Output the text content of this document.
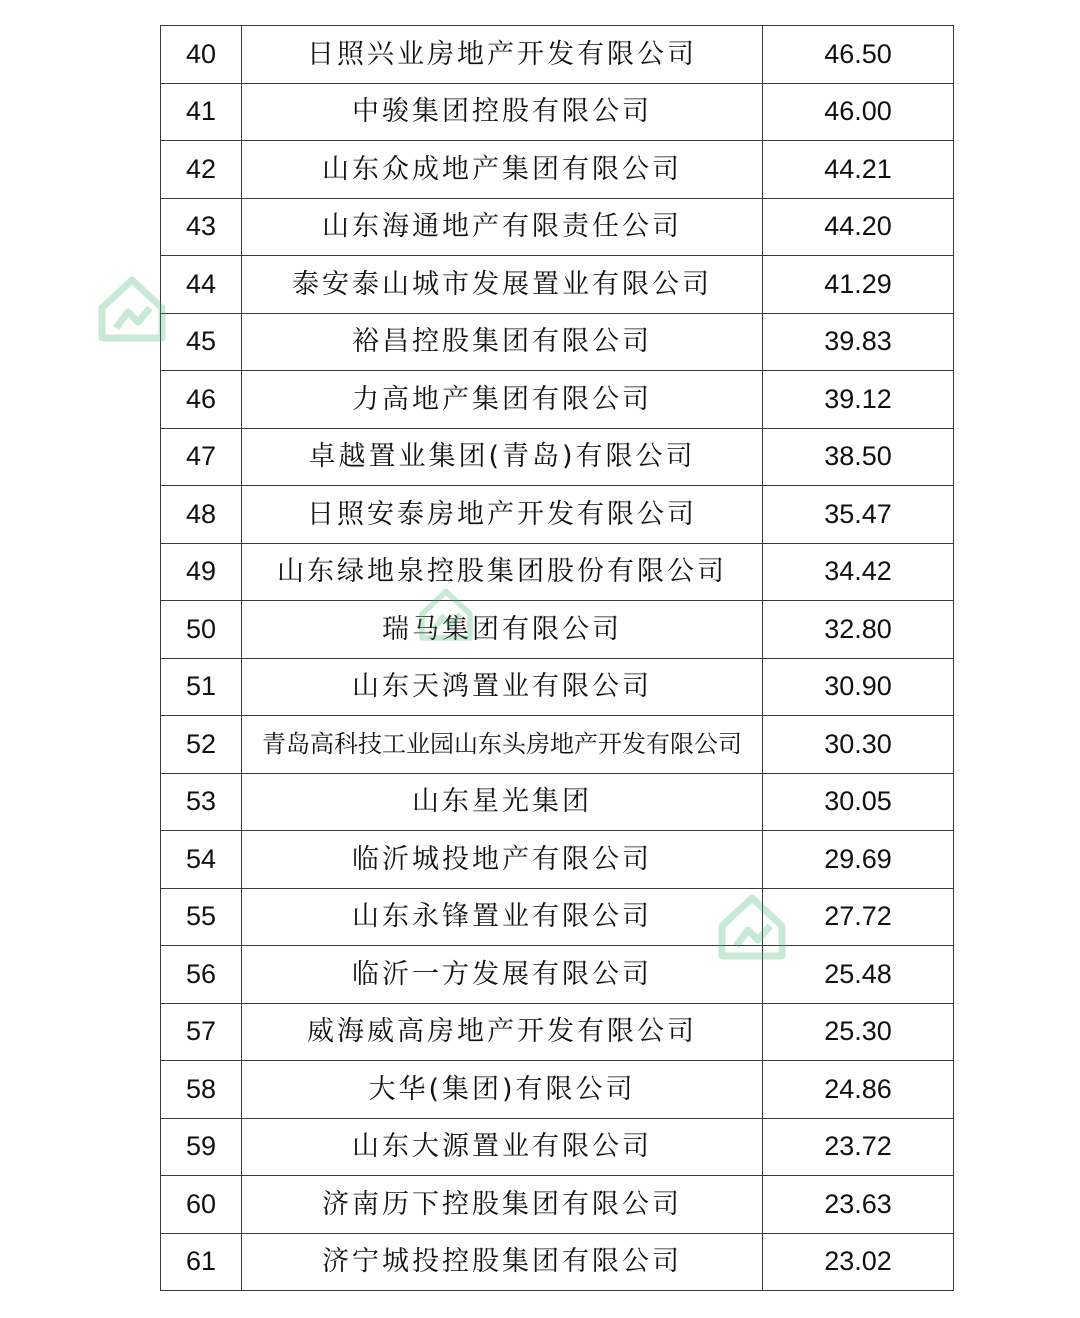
40	日照兴业房地产开发有限公司	46.50
41	中骏集团控股有限公司	46.00
42	山东众成地产集团有限公司	44.21
43	山东海通地产有限责任公司	44.20
44	泰安泰山城市发展置业有限公司	41.29
45	裕昌控股集团有限公司	39.83
46	力高地产集团有限公司	39.12
47	卓越置业集团(青岛)有限公司	38.50
48	日照安泰房地产开发有限公司	35.47
49	山东绿地泉控股集团股份有限公司	34.42
50	瑞马集团有限公司	32.80
51	山东天鸿置业有限公司	30.90
52	青岛高科技工业园山东头房地产开发有限公司	30.30
53	山东星光集团	30.05
54	临沂城投地产有限公司	29.69
55	山东永锋置业有限公司	27.72
56	临沂一方发展有限公司	25.48
57	威海威高房地产开发有限公司	25.30
58	大华(集团)有限公司	24.86
59	山东大源置业有限公司	23.72
60	济南历下控股集团有限公司	23.63
61	济宁城投控股集团有限公司	23.02
